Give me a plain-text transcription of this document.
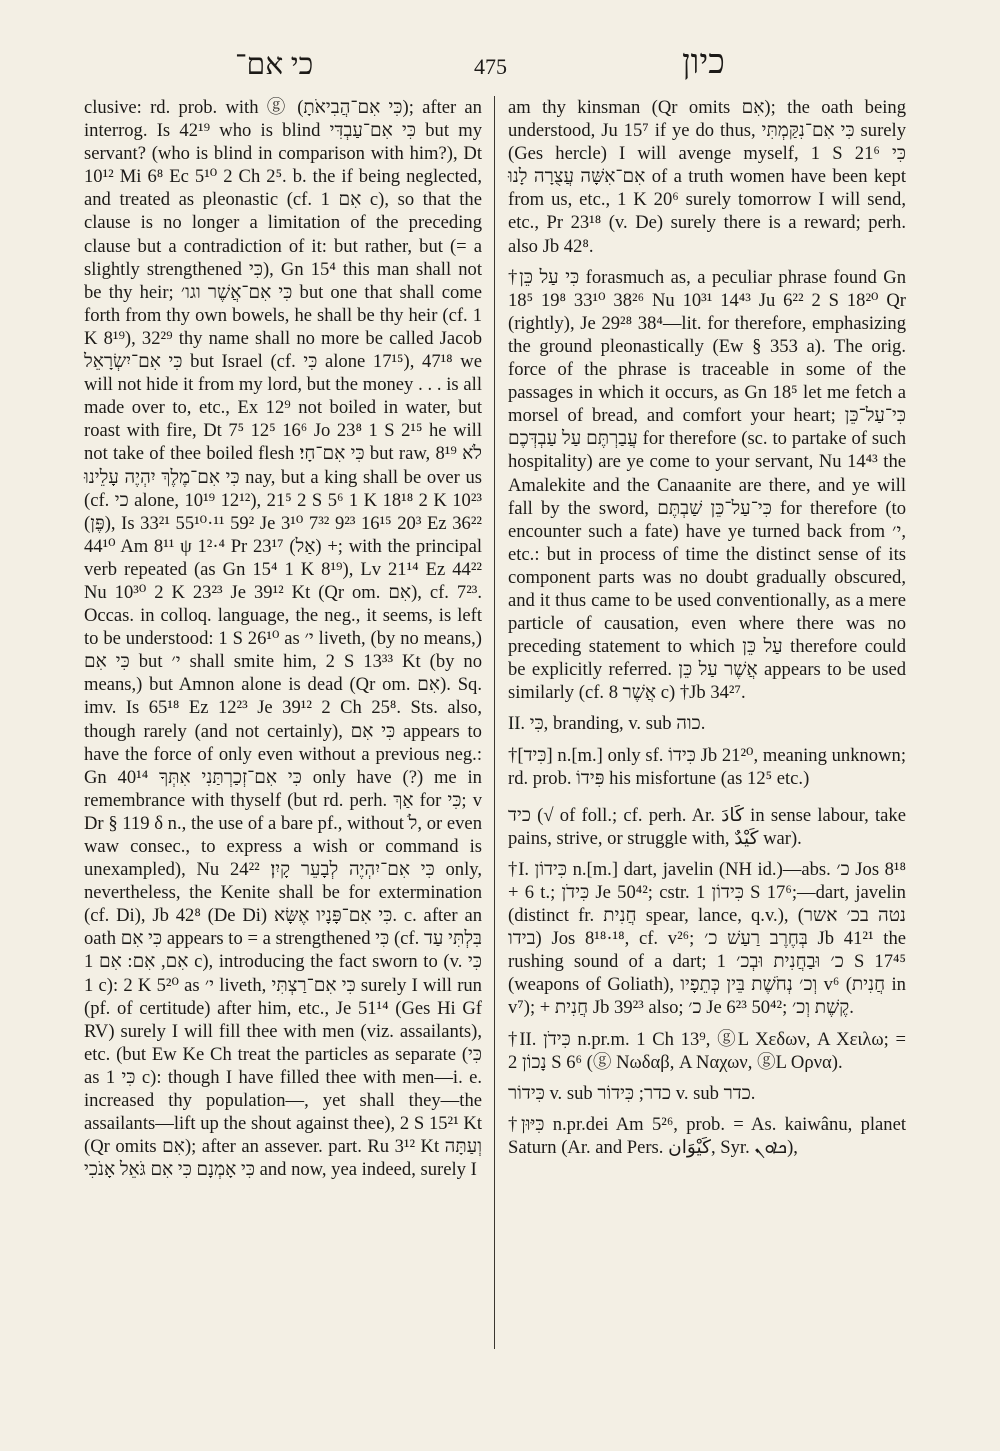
כי אם־	475	כיון

clusive: rd. prob. with ⓖ (כִּי אִם־הֲבִיאֹתָ); after an interrog. Is 42¹⁹ who is blind כִּי אִם־עַבְדִּי but my servant? (who is blind in comparison with him?), Dt 10¹² Mi 6⁸ Ec 5¹⁰ 2 Ch 2⁵. b. the if being neglected, and treated as pleonastic (cf. אִם 1 c), so that the clause is no longer a limitation of the preceding clause but a contradiction of it: but rather, but (= a slightly strengthened כִּי), Gn 15⁴ this man shall not be thy heir; כִּי אִם־אֲשֶׁר וגו׳ but one that shall come forth from thy own bowels, he shall be thy heir (cf. 1 K 8¹⁹), 32²⁹ thy name shall no more be called Jacob כִּי אִם־יִשְׂרָאֵל but Israel (cf. כִּי alone 17¹⁵), 47¹⁸ we will not hide it from my lord, but the money . . . is all made over to, etc., Ex 12⁹ not boiled in water, but roast with fire, Dt 7⁵ 12⁵ 16⁶ Jo 23⁸ 1 S 2¹⁵ he will not take of thee boiled flesh כִּי אִם־חָי׃ but raw, 8¹⁹ לֹא כִּי אִם־מֶלֶךְ יִהְיֶה עָלֵינוּ nay, but a king shall be over us (cf. כי alone, 10¹⁹ 12¹²), 21⁵ 2 S 5⁶ 1 K 18¹⁸ 2 K 10²³ (פֶּן), Is 33²¹ 55¹⁰·¹¹ 59² Je 3¹⁰ 7³² 9²³ 16¹⁵ 20³ Ez 36²² 44¹⁰ Am 8¹¹ ψ 1²·⁴ Pr 23¹⁷ (אַל) +; with the principal verb repeated (as Gn 15⁴ 1 K 8¹⁹), Lv 21¹⁴ Ez 44²² Nu 10³⁰ 2 K 23²³ Je 39¹² Kt (Qr om. אִם), cf. 7²³. Occas. in colloq. language, the neg., it seems, is left to be understood: 1 S 26¹⁰ as י׳ liveth, (by no means,) כִּי אִם but י׳ shall smite him, 2 S 13³³ Kt (by no means,) but Amnon alone is dead (Qr om. אִם). Sq. imv. Is 65¹⁸ Ez 12²³ Je 39¹² 2 Ch 25⁸. Sts. also, though rarely (and not certainly), כִּי אִם appears to have the force of only even without a previous neg.: Gn 40¹⁴ כִּי אִם־זְכַרְתַּנִי אִתְּךָ only have (?) me in remembrance with thyself (but rd. perh. אַךְ for כִּי; v Dr § 119 δ n., the use of a bare pf., without לֹ, or even waw consec., to express a wish or command is unexampled), Nu 24²² כִּי אִם־יִהְיֶה לְבָעֵר קָיִן׃ only, nevertheless, the Kenite shall be for extermination (cf. Di), Jb 42⁸ (De Di) כִּי אִם־פָּנָיו אֶשָּׂא. c. after an oath כִּי אִם appears to = a strengthened כִּי (cf. בִּלְתִּי עַד אִם, אִם: אִם 1 c), introducing the fact sworn to (v. כִּי 1 c): 2 K 5²⁰ as י׳ liveth, כִּי אִם־רַצְתִּי surely I will run (pf. of certitude) after him, etc., Je 51¹⁴ (Ges Hi Gf RV) surely I will fill thee with men (viz. assailants), etc. (but Ew Ke Ch treat the particles as separate (כִּי as כִּי 1 c): though I have filled thee with men—i. e. increased thy population—, yet shall they—the assailants—lift up the shout against thee), 2 S 15²¹ Kt (Qr omits אִם); after an assever. part. Ru 3¹² Kt וְעַתָּה כִּי אָמְנָם כִּי אִם גֹּאֵל אָנֹכִי and now, yea indeed, surely I

am thy kinsman (Qr omits אִם); the oath being understood, Ju 15⁷ if ye do thus, כִּי אִם־נִקַּמְתִּי surely (Ges hercle) I will avenge myself, 1 S 21⁶ כִּי אִם־אִשָּׁה עֲצֻרָה לָנוּ of a truth women have been kept from us, etc., 1 K 20⁶ surely tomorrow I will send, etc., Pr 23¹⁸ (v. De) surely there is a reward; perh. also Jb 42⁸.

†כִּי עַל כֵּן forasmuch as, a peculiar phrase found Gn 18⁵ 19⁸ 33¹⁰ 38²⁶ Nu 10³¹ 14⁴³ Ju 6²² 2 S 18²⁰ Qr (rightly), Je 29²⁸ 38⁴—lit. for therefore, emphasizing the ground pleonastically (Ew § 353 a). The orig. force of the phrase is traceable in some of the passages in which it occurs, as Gn 18⁵ let me fetch a morsel of bread, and comfort your heart; כִּי־עַל־כֵּן עֲבַרְתֶּם עַל עַבְדְּכֶם for therefore (sc. to partake of such hospitality) are ye come to your servant, Nu 14⁴³ the Amalekite and the Canaanite are there, and ye will fall by the sword, כִּי־עַל־כֵּן שַׁבְתֶּם for therefore (to encounter such a fate) have ye turned back from י׳, etc.: but in process of time the distinct sense of its component parts was no doubt gradually obscured, and it thus came to be used conventionally, as a mere particle of causation, even where there was no preceding statement to which עַל כֵּן therefore could be explicitly referred. אֲשֶׁר עַל כֵּן appears to be used similarly (cf. אֲשֶׁר 8 c) †Jb 34²⁷.

II. כִּי, branding, v. sub כוה.

†[כִּיד] n.[m.] only sf. כִּידוֹ Jb 21²⁰, meaning unknown; rd. prob. פִּידוֹ his misfortune (as 12⁵ etc.)

כיד (√ of foll.; cf. perh. Ar. كَادَ in sense labour, take pains, strive, or struggle with, كَيْدٌ war).

†I. כִּידוֹן n.[m.] dart, javelin (NH id.)—abs. כ׳ Jos 8¹⁸ + 6 t.; כִּידֹן Je 50⁴²; cstr. כִּידוֹן 1 S 17⁶;—dart, javelin (distinct fr. חֲנִית spear, lance, q.v.), (נטה בכ׳ אשר בידו) Jos 8¹⁸·¹⁸, cf. v²⁶; בְּחֶרֶב רַעַשׁ כ׳ Jb 41²¹ the rushing sound of a dart; כ׳ וּבַחֲנִית וּבְכ׳ 1 S 17⁴⁵ (weapons of Goliath), וְכ׳ נְחֹשֶׁת בֵּין כְּתֵפָיו v⁶ (חֲנִית in v⁷); + חֲנִית Jb 39²³ also; כ׳ Je 6²³ 50⁴²; קֶשֶׁת וְכ׳.

†II. כִּידֹן n.pr.m. 1 Ch 13⁹, ⓖL Χεδων, A Χειλω; = נָכוֹן 2 S 6⁶ (ⓖ Νωδαβ, A Ναχων, ⓖL Ορνα).

כִּידוֹר v. sub כדר; כִּידוֹר v. sub כדר.

†כִּיּוּן n.pr.dei Am 5²⁶, prob. = As. kaiwânu, planet Saturn (Ar. and Pers. كَيْوَان, Syr. ܟܐܘܢ),
